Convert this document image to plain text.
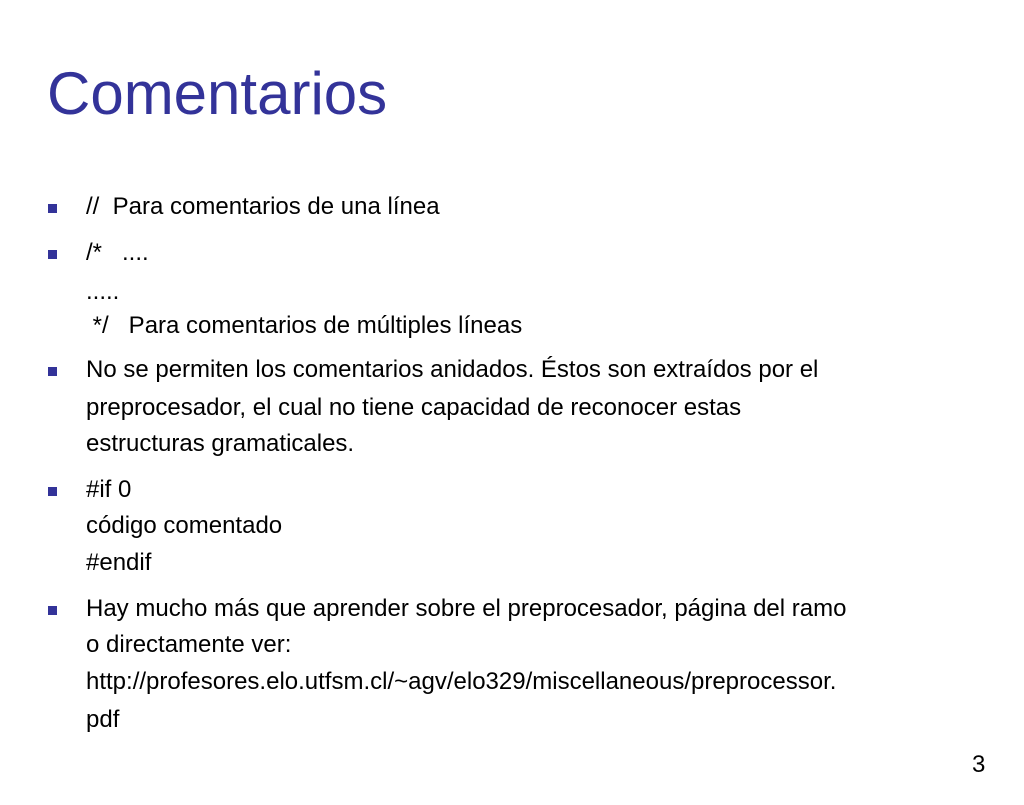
Comentarios
//  Para comentarios de una línea
/*   ....
.....
*/   Para comentarios de múltiples líneas
No se permiten los comentarios anidados. Éstos son extraídos por el
preprocesador, el cual no tiene capacidad de reconocer estas
estructuras gramaticales.
#if 0
código comentado
#endif
Hay mucho más que aprender sobre el preprocesador, página del ramo
o directamente ver:
http://profesores.elo.utfsm.cl/~agv/elo329/miscellaneous/preprocessor.
pdf
3
